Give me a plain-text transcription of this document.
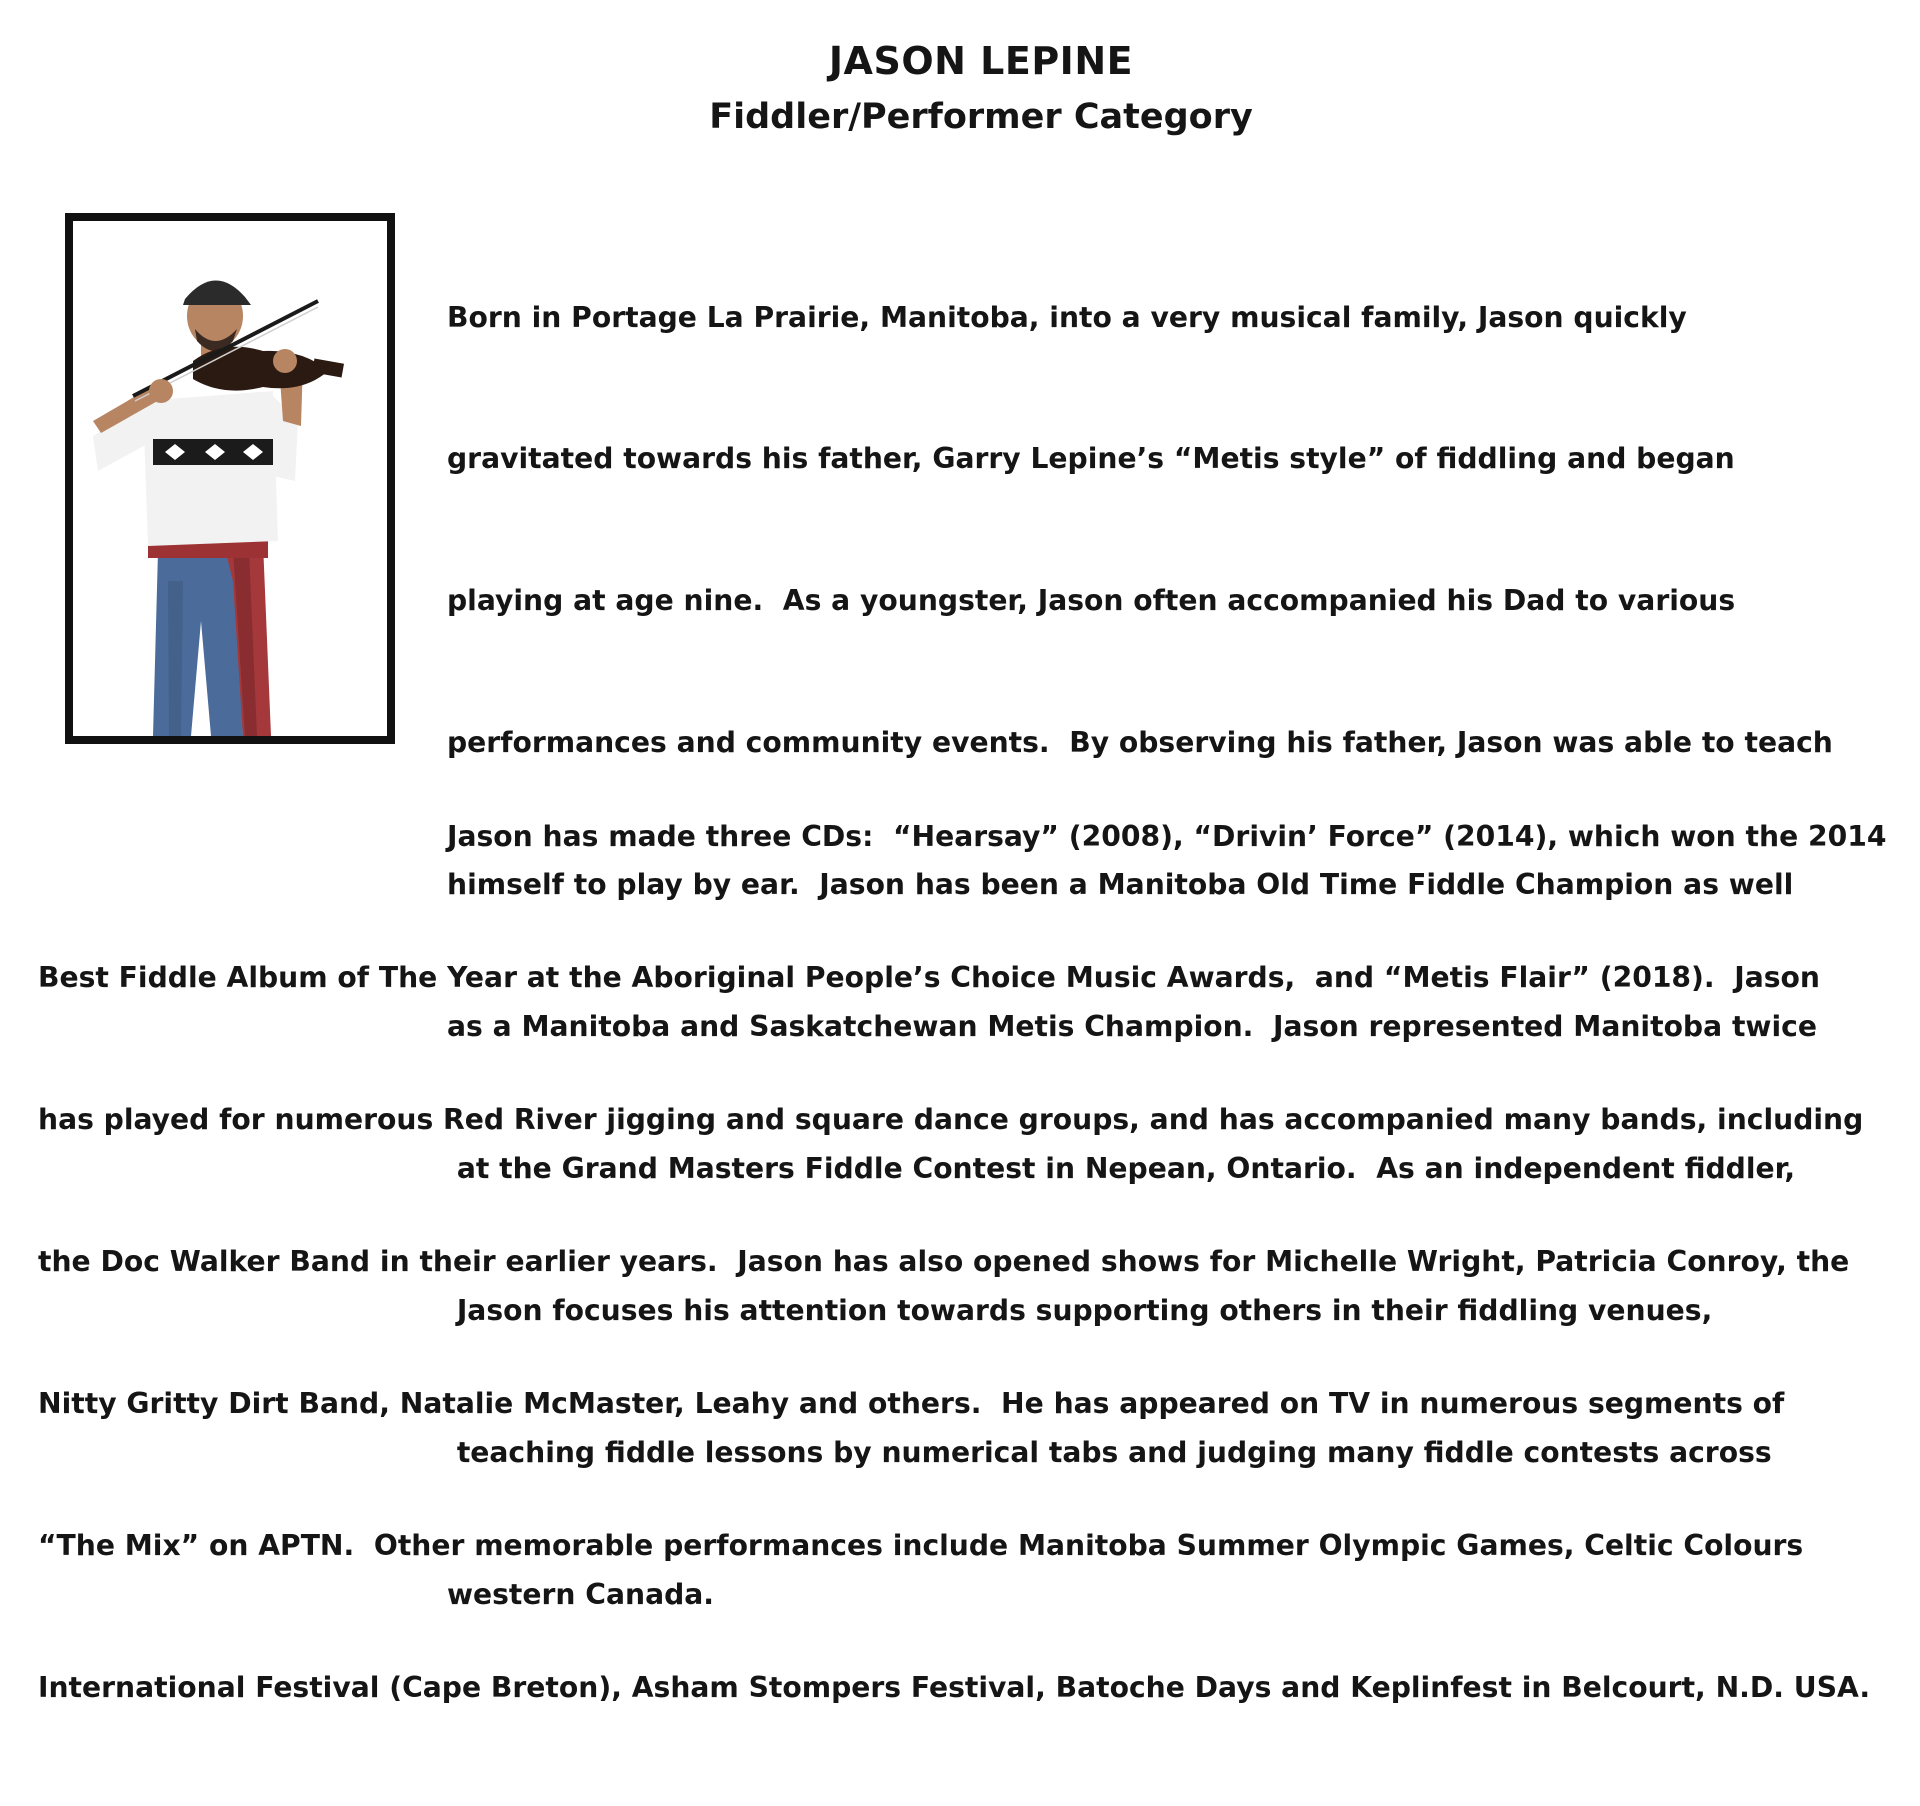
JASON LEPINE
Fiddler/Performer Category

Born in Portage La Prairie, Manitoba, into a very musical family, Jason quickly

gravitated towards his father, Garry Lepine’s “Metis style” of fiddling and began

playing at age nine.  As a youngster, Jason often accompanied his Dad to various

performances and community events.  By observing his father, Jason was able to teach

himself to play by ear.  Jason has been a Manitoba Old Time Fiddle Champion as well

as a Manitoba and Saskatchewan Metis Champion.  Jason represented Manitoba twice

at the Grand Masters Fiddle Contest in Nepean, Ontario.  As an independent fiddler,

Jason focuses his attention towards supporting others in their fiddling venues,

teaching fiddle lessons by numerical tabs and judging many fiddle contests across

western Canada.

Jason has made three CDs:  “Hearsay” (2008), “Drivin’ Force” (2014), which won the 2014

Best Fiddle Album of The Year at the Aboriginal People’s Choice Music Awards,  and “Metis Flair” (2018).  Jason

has played for numerous Red River jigging and square dance groups, and has accompanied many bands, including

the Doc Walker Band in their earlier years.  Jason has also opened shows for Michelle Wright, Patricia Conroy, the

Nitty Gritty Dirt Band, Natalie McMaster, Leahy and others.  He has appeared on TV in numerous segments of

“The Mix” on APTN.  Other memorable performances include Manitoba Summer Olympic Games, Celtic Colours

International Festival (Cape Breton), Asham Stompers Festival, Batoche Days and Keplinfest in Belcourt, N.D. USA.
